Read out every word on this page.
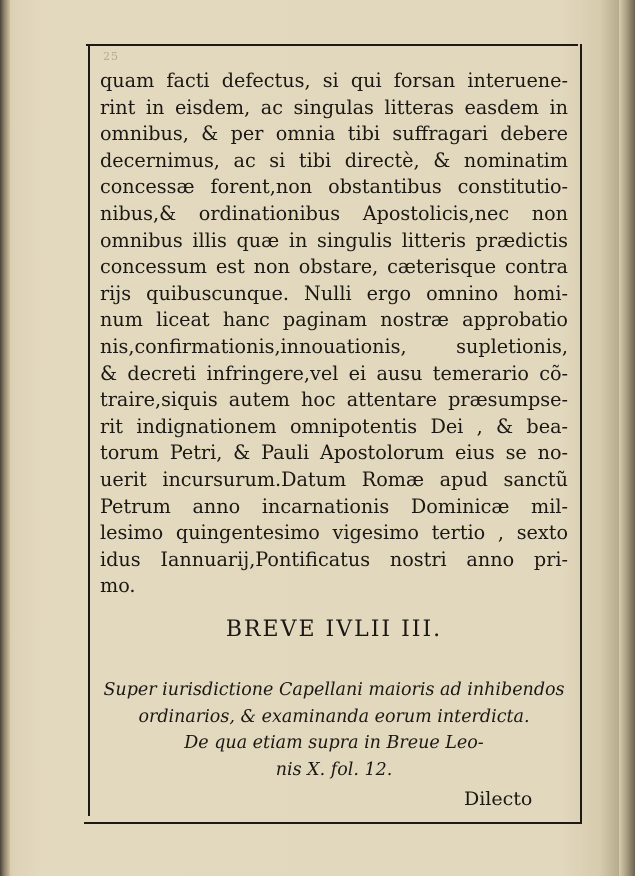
25
quam facti defectus, si qui forsan interuene-
rint in eisdem, ac singulas litteras easdem in
omnibus, & per omnia tibi suffragari debere
decernimus, ac si tibi directè, & nominatim
concessæ forent,non obstantibus constitutio-
nibus,& ordinationibus Apostolicis,nec non
omnibus illis quæ in singulis litteris prædictis
concessum est non obstare, cæterisque contra
rijs quibuscunque. Nulli ergo omnino homi-
num liceat hanc paginam nostræ approbatio
nis,confirmationis,innouationis, supletionis,
& decreti infringere,vel ei ausu temerario cõ-
traire,siquis autem hoc attentare præsumpse-
rit indignationem omnipotentis Dei , & bea-
torum Petri, & Pauli Apostolorum eius se no-
uerit incursurum.Datum Romæ apud sanctũ
Petrum anno incarnationis Dominicæ mil-
lesimo quingentesimo vigesimo tertio , sexto
idus Iannuarij,Pontificatus nostri anno pri-
mo.
BREVE IVLII III.
Super iurisdictione Capellani maioris ad inhibendos
ordinarios, & examinanda eorum interdicta.
De qua etiam supra in Breue Leo-
nis X. fol. 12.
Dilecto
